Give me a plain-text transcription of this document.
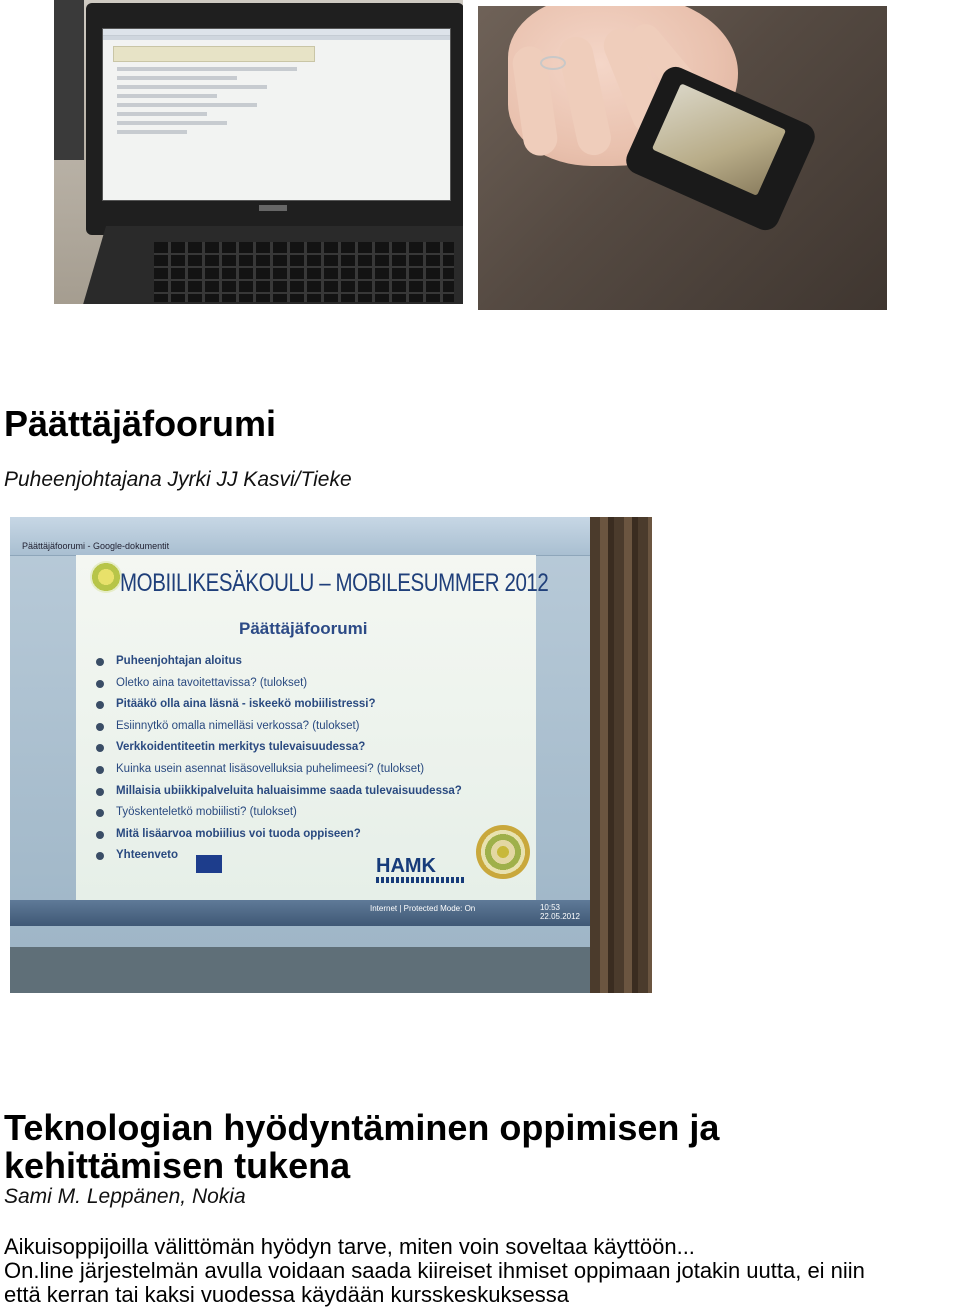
Päättäjäfoorumi
Puheenjohtajana Jyrki JJ Kasvi/Tieke
Päättäjäfoorumi - Google-dokumentit
MOBIILIKESÄKOULU – MOBILESUMMER 2012
Päättäjäfoorumi
Puheenjohtajan aloitus
Oletko aina tavoitettavissa? (tulokset)
Pitääkö olla aina läsnä - iskeekö mobiilistressi?
Esiinnytkö omalla nimelläsi verkossa? (tulokset)
Verkkoidentiteetin merkitys tulevaisuudessa?
Kuinka usein asennat lisäsovelluksia puhelimeesi? (tulokset)
Millaisia ubiikkipalveluita haluaisimme saada tulevaisuudessa?
Työskenteletkö mobiilisti? (tulokset)
Mitä lisäarvoa mobiilius voi tuoda oppiseen?
Yhteenveto	HAMK
Internet | Protected Mode: On	10:53
22.05.2012
Teknologian hyödyntäminen oppimisen ja
kehittämisen tukena
Sami M. Leppänen, Nokia
Aikuisoppijoilla välittömän hyödyn tarve, miten voin soveltaa käyttöön...
On.line järjestelmän avulla voidaan saada kiireiset ihmiset oppimaan jotakin uutta, ei niin
että kerran tai kaksi vuodessa käydään kursskeskuksessa
